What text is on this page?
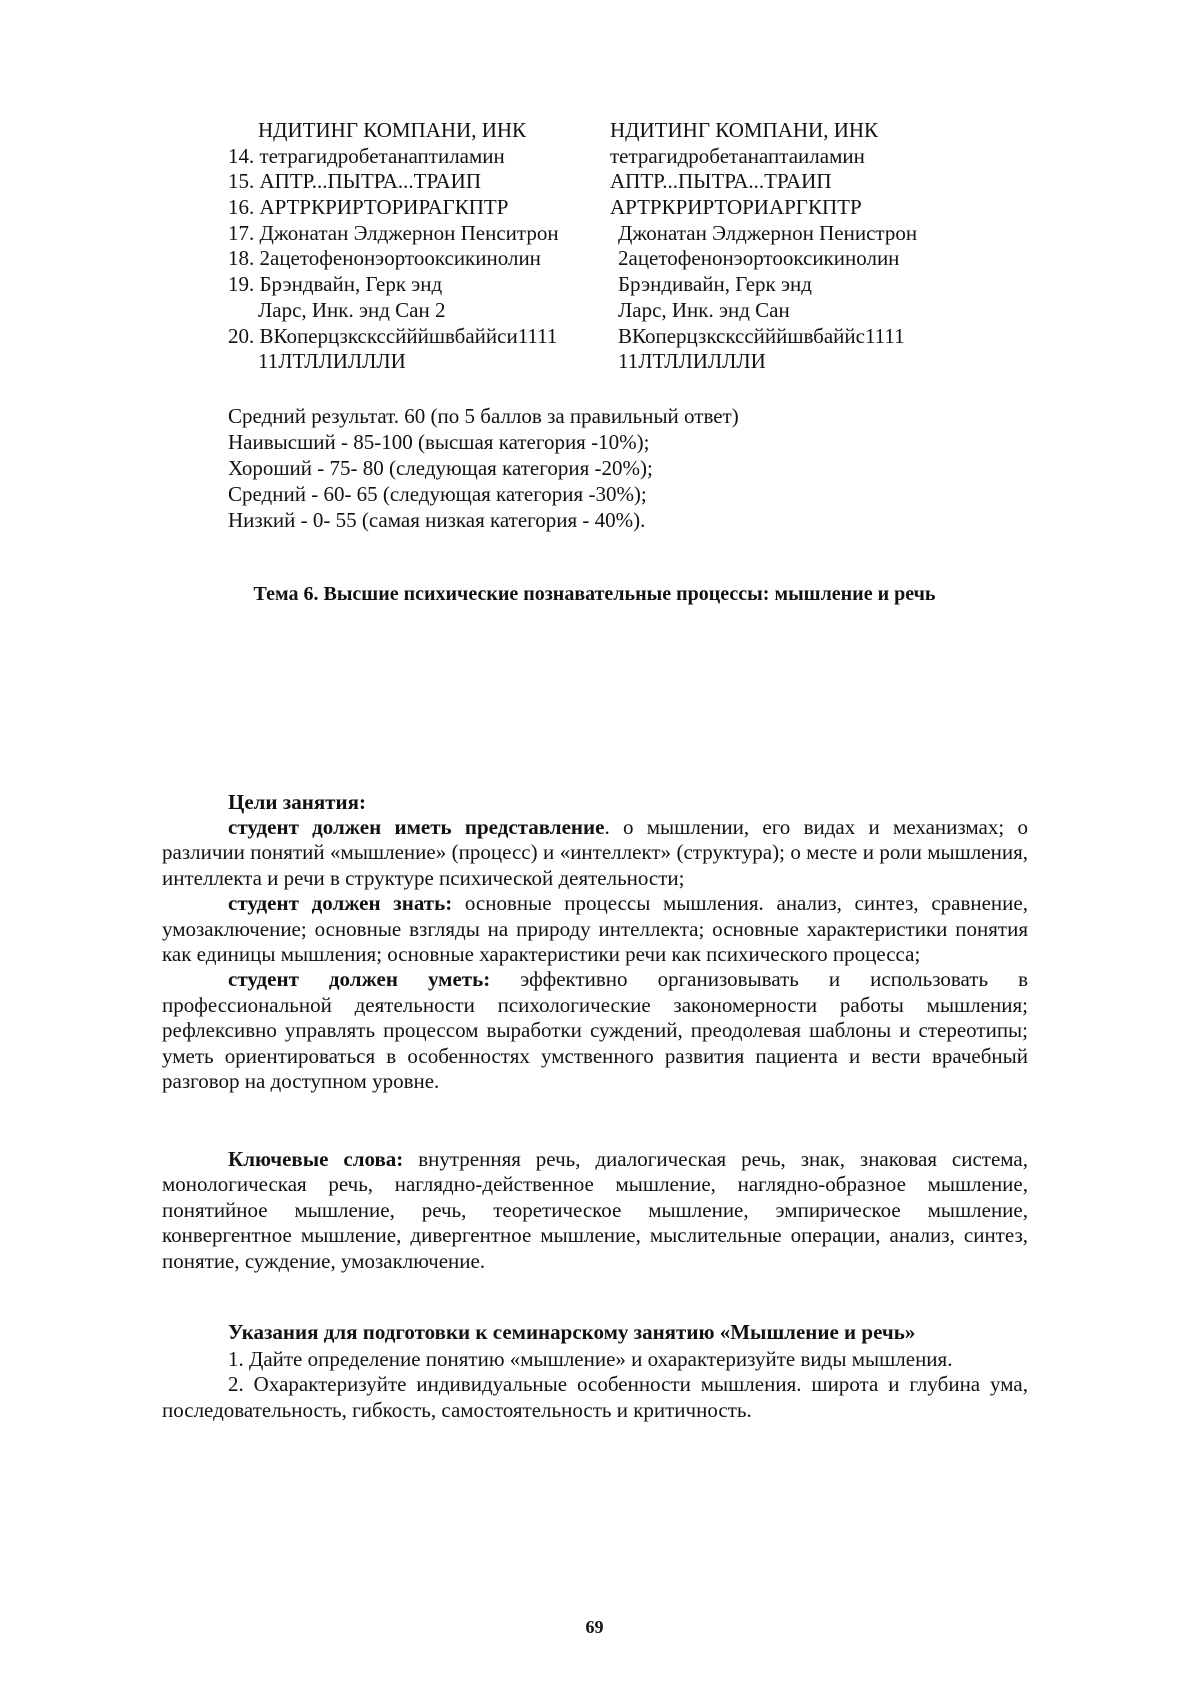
НДИТИНГ КОМПАНИ, ИНК	НДИТИНГ КОМПАНИ, ИНК
14. тетрагидробетанаптиламин	тетрагидробетанаптаиламин
15. АПТР...ПЫТРА...ТРАИП	АПТР...ПЫТРА...ТРАИП
16. АРТРКРИРТОРИРАГКПТР	АРТРКРИРТОРИАРГКПТР
17. Джонатан Элджернон Пенситрон	Джонатан Элджернон Пенистрон
18. 2ацетофенонэортооксикинолин	2ацетофенонэортооксикинолин
19. Брэндвайн, Герк энд	Брэндивайн, Герк энд
Ларс, Инк. энд Сан 2	Ларс, Инк. энд Сан
20. ВКоперцзкскссйййшвбаййси1111	ВКоперцзкскссйййшвбаййс1111
11ЛТЛЛИЛЛЛИ	11ЛТЛЛИЛЛЛИ
Средний результат. 60 (по 5 баллов за правильный ответ)
Наивысший - 85-100 (высшая категория -10%);
Хороший - 75- 80 (следующая категория -20%);
Средний - 60- 65 (следующая категория -30%);
Низкий - 0- 55 (самая низкая категория - 40%).
Тема 6. Высшие психические познавательные процессы: мышление и речь
Цели занятия:
студент должен иметь представление. о мышлении, его видах и механизмах; о различии понятий «мышление» (процесс) и «интеллект» (структура); о месте и роли мышления, интеллекта и речи в структуре психической деятельности;
студент должен знать: основные процессы мышления. анализ, синтез, сравнение, умозаключение; основные взгляды на природу интеллекта; основные характеристики понятия как единицы мышления; основные характеристики речи как психического процесса;
студент должен уметь: эффективно организовывать и использовать в профессиональной деятельности психологические закономерности работы мышления; рефлексивно управлять процессом выработки суждений, преодолевая шаблоны и стереотипы; уметь ориентироваться в особенностях умственного развития пациента и вести врачебный разговор на доступном уровне.
Ключевые слова: внутренняя речь, диалогическая речь, знак, знаковая система, монологическая речь, наглядно-действенное мышление, наглядно-образное мышление, понятийное мышление, речь, теоретическое мышление, эмпирическое мышление, конвергентное мышление, дивергентное мышление, мыслительные операции, анализ, синтез, понятие, суждение, умозаключение.
Указания для подготовки к семинарскому занятию «Мышление и речь»
1. Дайте определение понятию «мышление» и охарактеризуйте виды мышления.
2. Охарактеризуйте индивидуальные особенности мышления. широта и глубина ума, последовательность, гибкость, самостоятельность и критичность.
69
